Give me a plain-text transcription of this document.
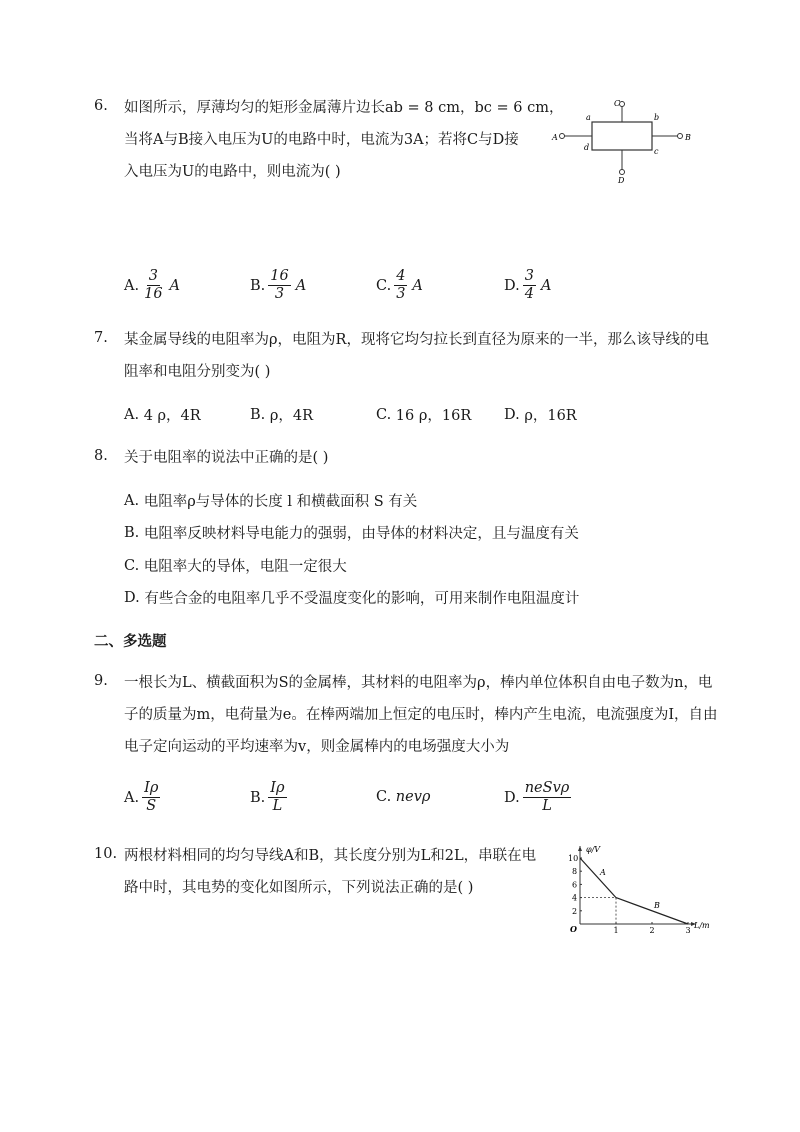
6. 如图所示，厚薄均匀的矩形金属薄片边长ab = 8 cm，bc = 6 cm，
当将A与B接入电压为U的电路中时，电流为3A；若将C与D接
入电压为U的电路中，则电流为( )
A	B
C
D
a	b
c
d
A. $\frac{3}{16}$ A	B. $\frac{16}{3}$ A	C. $\frac{4}{3}$ A	D. $\frac{3}{4}$ A
7. 某金属导线的电阻率为ρ，电阻为R，现将它均匀拉长到直径为原来的一半，那么该导线的电
阻率和电阻分别变为( )
A.
4 ρ，4R	B.
ρ，4R	C.
16 ρ，16R D.
ρ，16R
8. 关于电阻率的说法中正确的是( )
A.
电阻率ρ与导体的长度 l 和横截面积 S 有关
B.
电阻率反映材料导电能力的强弱，由导体的材料决定，且与温度有关
C.
电阻率大的导体，电阻一定很大
D.
有些合金的电阻率几乎不受温度变化的影响，可用来制作电阻温度计
二、多选题
9. 一根长为L、横截面积为S的金属棒，其材料的电阻率为ρ，棒内单位体积自由电子数为n，电
子的质量为m，电荷量为e。在棒两端加上恒定的电压时，棒内产生电流，电流强度为I，自由
电子定向运动的平均速率为v，则金属棒内的电场强度大小为
A. $\frac{I\rho}{S}$	B. $\frac{I\rho}{L}$	C.
nevρ	D. $\frac{\text{neSvρ}}{L}$
10. 两根材料相同的均匀导线A和B，其长度分别为L和2L，串联在电
路中时，其电势的变化如图所示，下列说法正确的是( )
φ/V
L/m
O	1	2	3
2
4
6
8
10
A
B
